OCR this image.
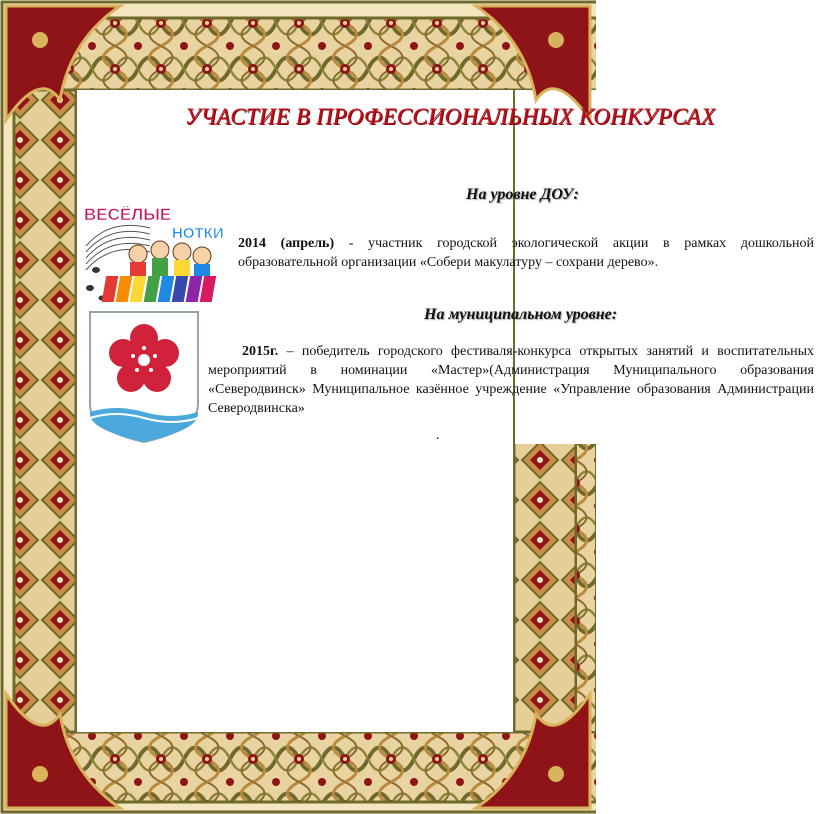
ВЕСЁЛЫЕ
НОТКИ
УЧАСТИЕ В ПРОФЕССИОНАЛЬНЫХ КОНКУРСАХ
На уровне ДОУ:
2014 (апрель) - участник городской экологической акции в рамках дошкольной образовательной организации «Собери макулатуру – сохрани дерево».
На муниципальном уровне:
2015г. – победитель городского фестиваля-конкурса открытых занятий и воспитательных мероприятий в номинации «Мастер»(Администрация Муниципального образования «Северодвинск» Муниципальное казённое учреждение «Управление образования Администрации Северодвинска»
.
